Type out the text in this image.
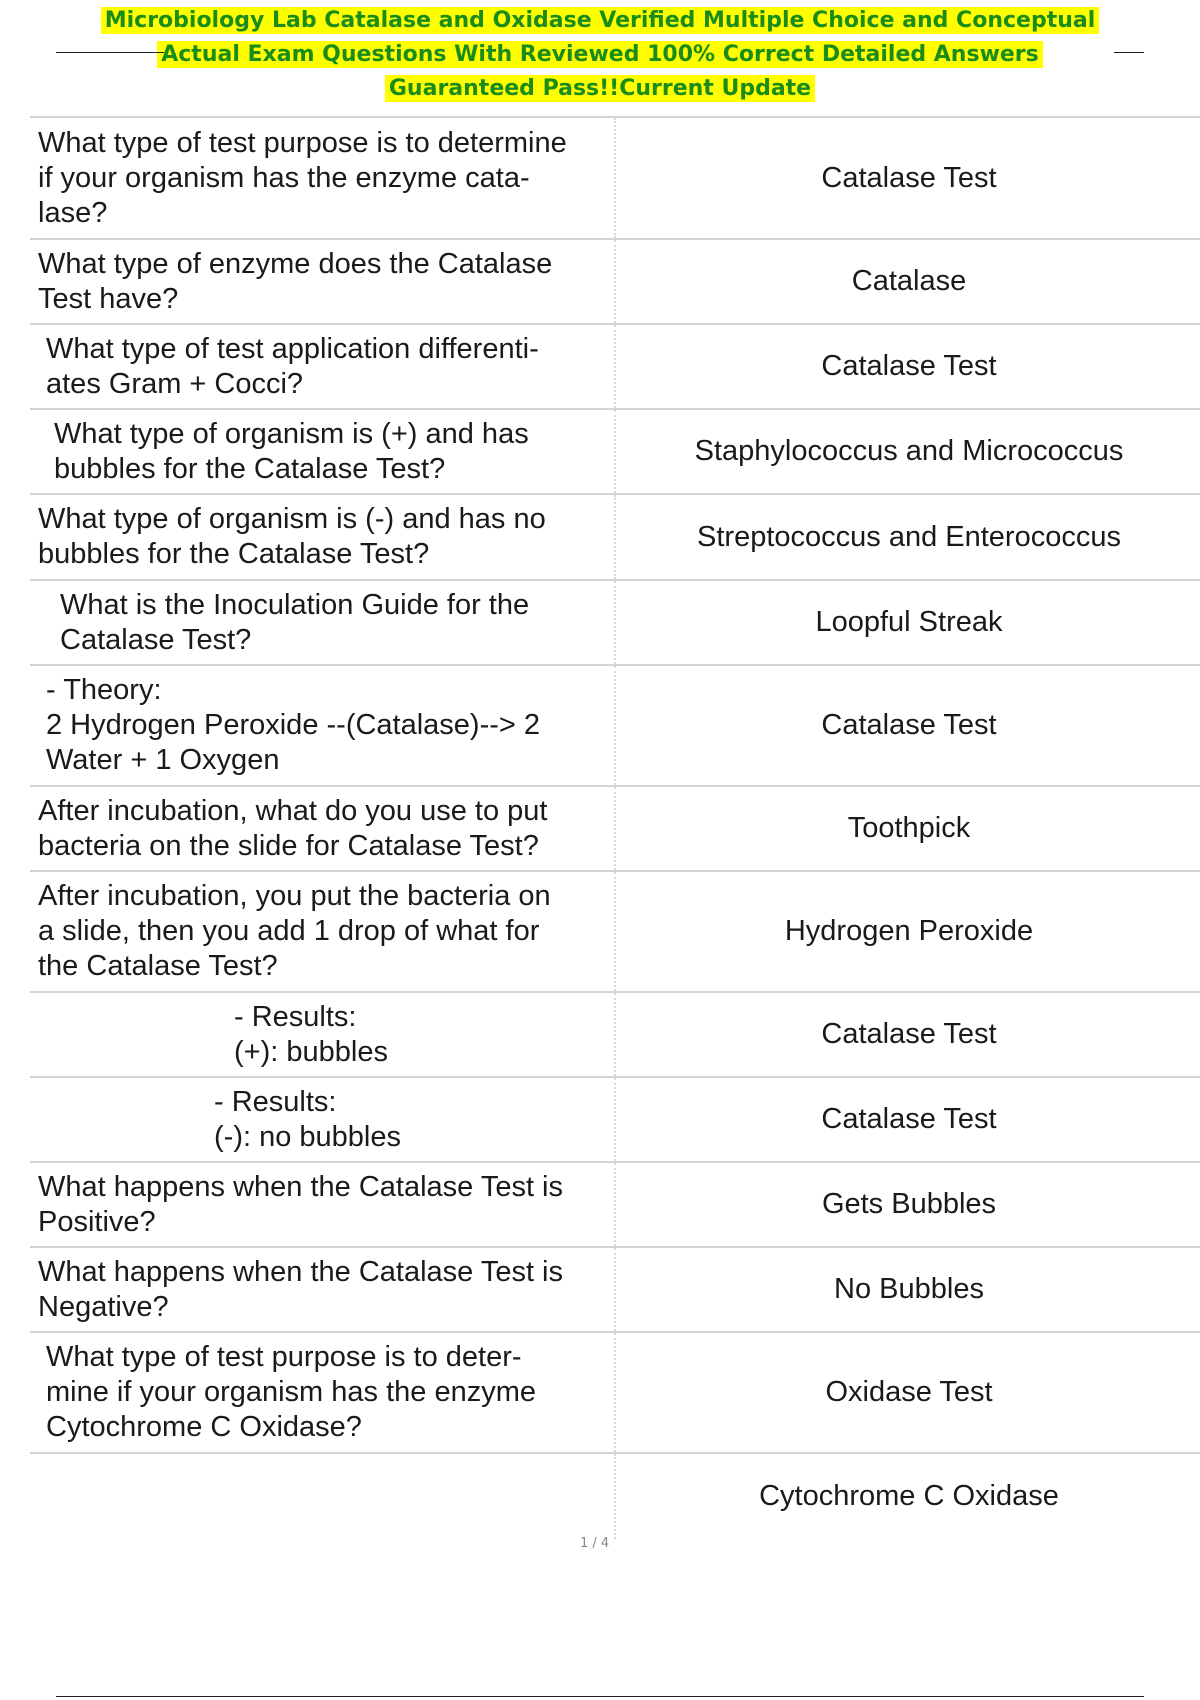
Microbiology Lab Catalase and Oxidase Verified Multiple Choice and Conceptual
Actual Exam Questions With Reviewed 100% Correct Detailed Answers
Guaranteed Pass!!Current Update
What type of test purpose is to determine
if your organism has the enzyme cata-
lase?	Catalase Test

What type of enzyme does the Catalase
Test have?	Catalase

What type of test application differenti-
ates Gram + Cocci?	Catalase Test

What type of organism is (+) and has
bubbles for the Catalase Test?	Staphylococcus and Micrococcus

What type of organism is (-) and has no
bubbles for the Catalase Test?	Streptococcus and Enterococcus

What is the Inoculation Guide for the
Catalase Test?	Loopful Streak

- Theory:
2 Hydrogen Peroxide --(Catalase)--> 2
Water + 1 Oxygen	Catalase Test

After incubation, what do you use to put
bacteria on the slide for Catalase Test?	Toothpick

After incubation, you put the bacteria on
a slide, then you add 1 drop of what for
the Catalase Test?	Hydrogen Peroxide

- Results:
(+): bubbles	Catalase Test

- Results:
(-): no bubbles	Catalase Test

What happens when the Catalase Test is
Positive?	Gets Bubbles

What happens when the Catalase Test is
Negative?	No Bubbles

What type of test purpose is to deter-
mine if your organism has the enzyme
Cytochrome C Oxidase?	Oxidase Test

	Cytochrome C Oxidase
1 / 4
